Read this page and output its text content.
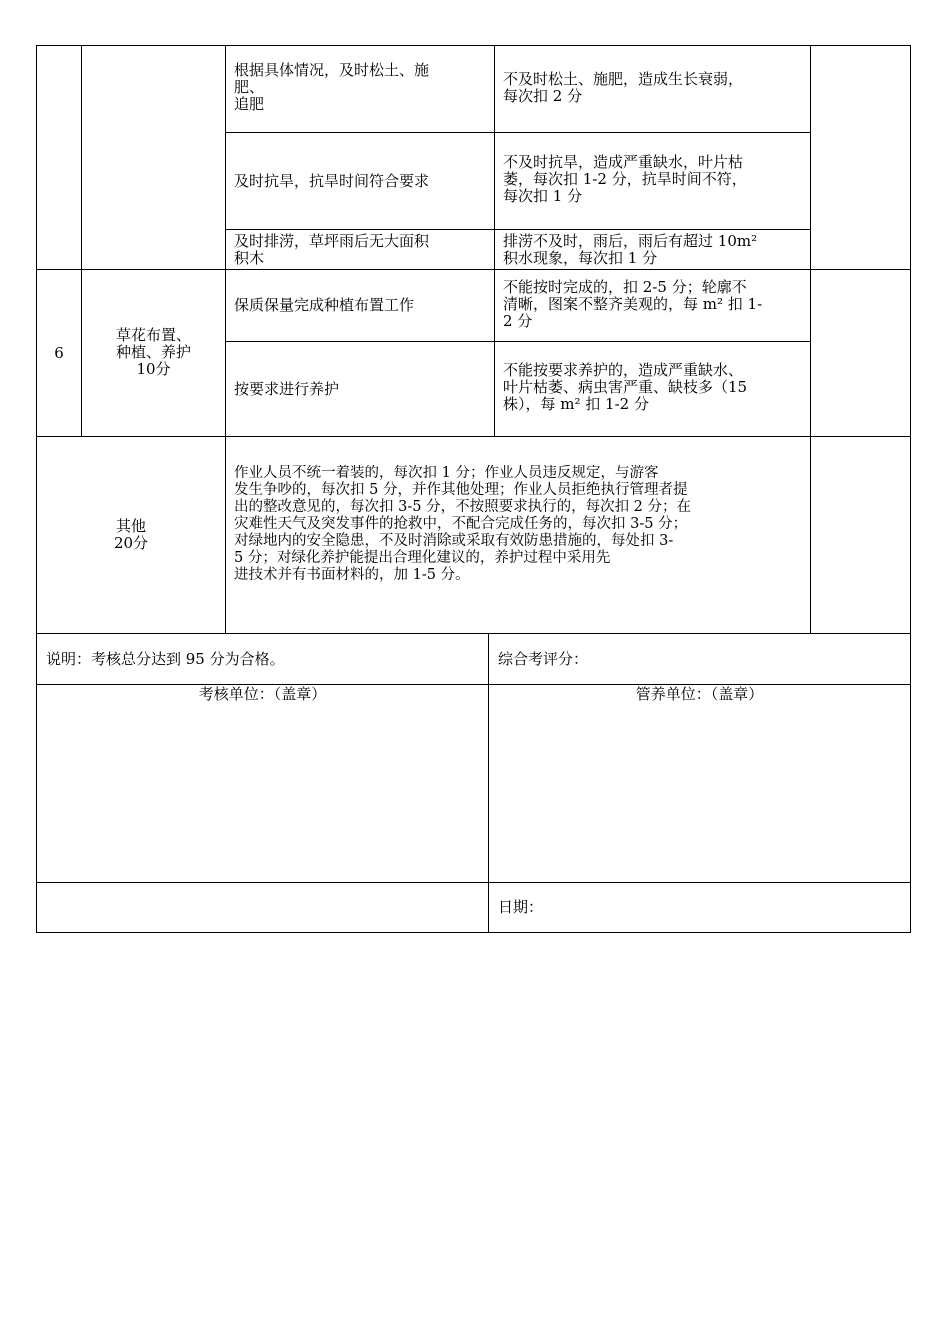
根据具体情况，及时松土、施
肥、
追肥
不及时松土、施肥，造成生长衰弱，
每次扣 2 分
及时抗旱，抗旱时间符合要求
不及时抗旱，造成严重缺水，叶片枯
萎，每次扣 1-2 分，抗旱时间不符，
每次扣 1 分
及时排涝，草坪雨后无大面积
积木
排涝不及时，雨后，雨后有超过 10m²
积水现象，每次扣 1 分
6
草花布置、
种植、养护
10分
保质保量完成种植布置工作
不能按时完成的，扣 2-5 分；轮廓不
清晰，图案不整齐美观的，每 m² 扣 1-
2 分
按要求进行养护
不能按要求养护的，造成严重缺水、
叶片枯萎、病虫害严重、缺枝多（15
株），每 m² 扣 1-2 分
其他
20分
作业人员不统一着装的，每次扣 1 分；作业人员违反规定，与游客
发生争吵的，每次扣 5 分，并作其他处理；作业人员拒绝执行管理者提
出的整改意见的，每次扣 3-5 分，不按照要求执行的，每次扣 2 分；在
灾难性天气及突发事件的抢救中，不配合完成任务的，每次扣 3-5 分；
对绿地内的安全隐患，不及时消除或采取有效防患措施的，每处扣 3-
5 分；对绿化养护能提出合理化建议的，养护过程中采用先
进技术并有书面材料的，加 1-5 分。
说明：考核总分达到 95 分为合格。	综合考评分：
考核单位：（盖章）	管养单位：（盖章）
日期：
